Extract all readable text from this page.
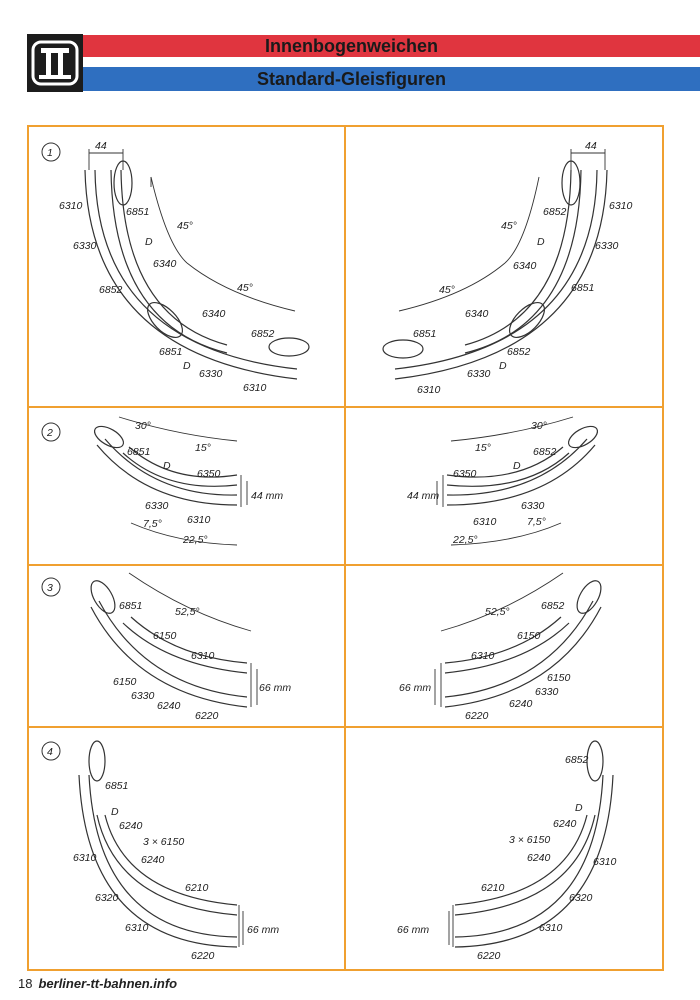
Innenbogenweichen
Standard-Gleisfiguren
1
44
6310	6851
45°
6330	D
6340
6852	45°
6340
6852
6851
D
6330
6310
44
6852	6310
45°
D	6330
6340
6851
45°
6340
6851
6852
D
6330
6310
2
30°
15°
6851
D
6350
6330
6310
44 mm
7,5°
22,5°
30°
15°	6852
D
6350
6330
6310
44 mm
7,5°
22,5°
3
6851	52,5°
6150
6310
6150
6330
6240
6220
66 mm
6852
52,5°
6150
6310
6150
6330
6240
6220
66 mm
4
6851
D
6240
3 × 6150
6240
6310
6210
6320
6310
6220
66 mm
6852
D
6240
3 × 6150
6240	6310
6210
6320
6310
6220
66 mm
18 berliner-tt-bahnen.info
